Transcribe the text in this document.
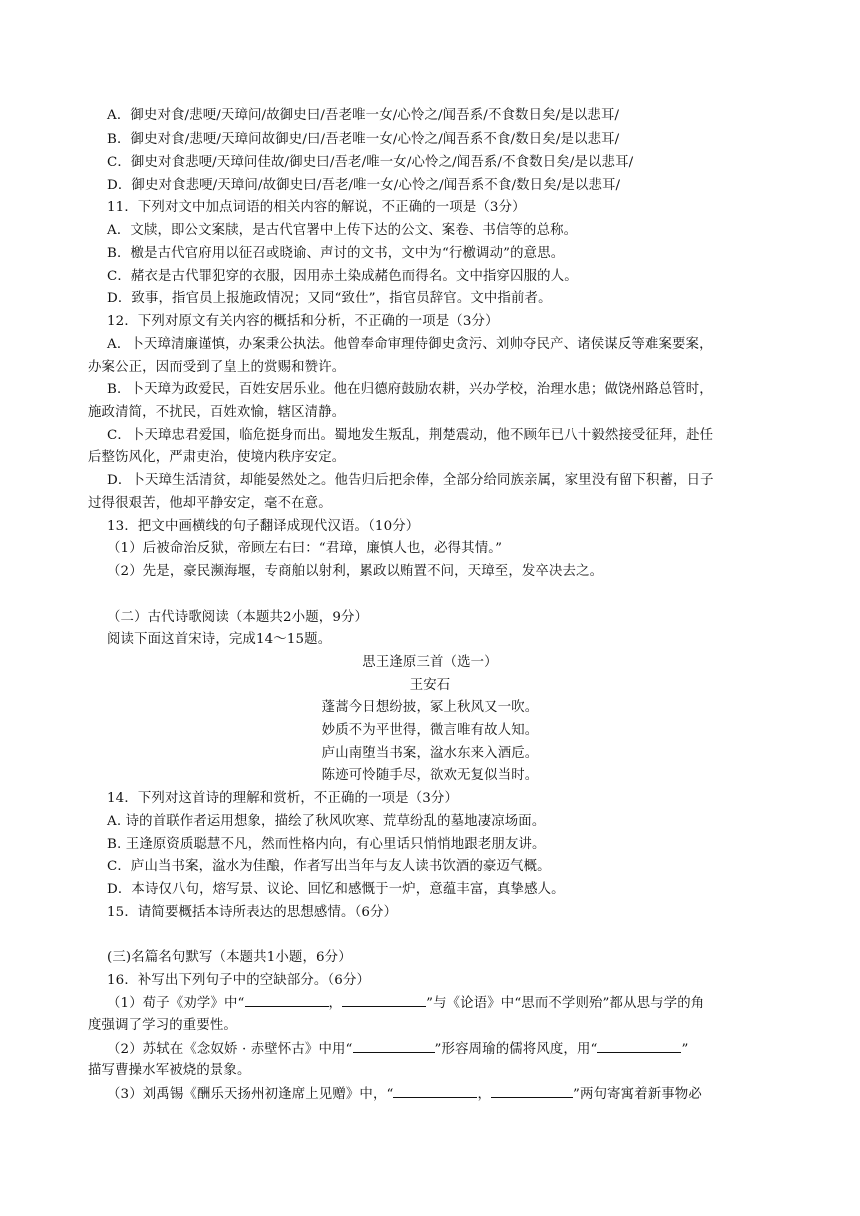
A．御史对食/悲哽/天璋问/故御史曰/吾老唯一女/心怜之/闻吾系/不食数日矣/是以悲耳/
B．御史对食/悲哽/天璋问故御史/曰/吾老唯一女/心怜之/闻吾系不食/数日矣/是以悲耳/
C．御史对食悲哽/天璋问佳故/御史曰/吾老/唯一女/心怜之/闻吾系/不食数日矣/是以悲耳/
D．御史对食悲哽/天璋问/故御史曰/吾老/唯一女/心怜之/闻吾系不食/数日矣/是以悲耳/
11．下列对文中加点词语的相关内容的解说，不正确的一项是（3分）
A．文牍，即公文案牍，是古代官署中上传下达的公文、案卷、书信等的总称。
B．檄是古代官府用以征召或晓谕、声讨的文书，文中为“行檄调动”的意思。
C．赭衣是古代罪犯穿的衣服，因用赤土染成赭色而得名。文中指穿囚服的人。
D．致事，指官员上报施政情况；又同“致仕”，指官员辞官。文中指前者。
12．下列对原文有关内容的概括和分析，不正确的一项是（3分）
A．卜天璋清廉谨慎，办案秉公执法。他曾奉命审理侍御史贪污、刘帅夺民产、诸侯谋反等难案要案，
办案公正，因而受到了皇上的赏赐和赞许。
B．卜天璋为政爱民，百姓安居乐业。他在归德府鼓励农耕，兴办学校，治理水患；做饶州路总管时，
施政清简，不扰民，百姓欢愉，辖区清静。
C．卜天璋忠君爱国，临危挺身而出。蜀地发生叛乱，荆楚震动，他不顾年已八十毅然接受征拜，赴任
后整饬风化，严肃吏治，使境内秩序安定。
D．卜天璋生活清贫，却能晏然处之。他告归后把余俸，全部分给同族亲属，家里没有留下积蓄，日子
过得很艰苦，他却平静安定，毫不在意。
13．把文中画横线的句子翻译成现代汉语。（10分）
（1）后被命治反狱，帝顾左右曰：“君璋，廉慎人也，必得其情。”
（2）先是，豪民濒海堰，专商舶以射利，累政以贿置不问，天璋至，发卒决去之。
（二）古代诗歌阅读（本题共2小题，9分）
阅读下面这首宋诗，完成14～15题。
思王逢原三首（选一）
王安石
蓬蒿今日想纷披，冢上秋风又一吹。
妙质不为平世得，微言唯有故人知。
庐山南堕当书案，湓水东来入酒卮。
陈迹可怜随手尽，欲欢无复似当时。
14．下列对这首诗的理解和赏析，不正确的一项是（3分）
A. 诗的首联作者运用想象，描绘了秋风吹寒、荒草纷乱的墓地凄凉场面。
B. 王逢原资质聪慧不凡，然而性格内向，有心里话只悄悄地跟老朋友讲。
C．庐山当书案，湓水为佳酿，作者写出当年与友人读书饮酒的豪迈气概。
D．本诗仅八句，熔写景、议论、回忆和感慨于一炉，意蕴丰富，真挚感人。
15．请简要概括本诗所表达的思想感情。（6分）
(三)名篇名句默写（本题共1小题，6分）
16．补写出下列句子中的空缺部分。（6分）
（1）荀子《劝学》中“	，	”与《论语》中“思而不学则殆”都从思与学的角
度强调了学习的重要性。
（2）苏轼在《念奴娇 · 赤壁怀古》中用“	”形容周瑜的儒将风度，用“	”
描写曹操水军被烧的景象。
（3）刘禹锡《酬乐天扬州初逢席上见赠》中，“	，	”两句寄寓着新事物必
